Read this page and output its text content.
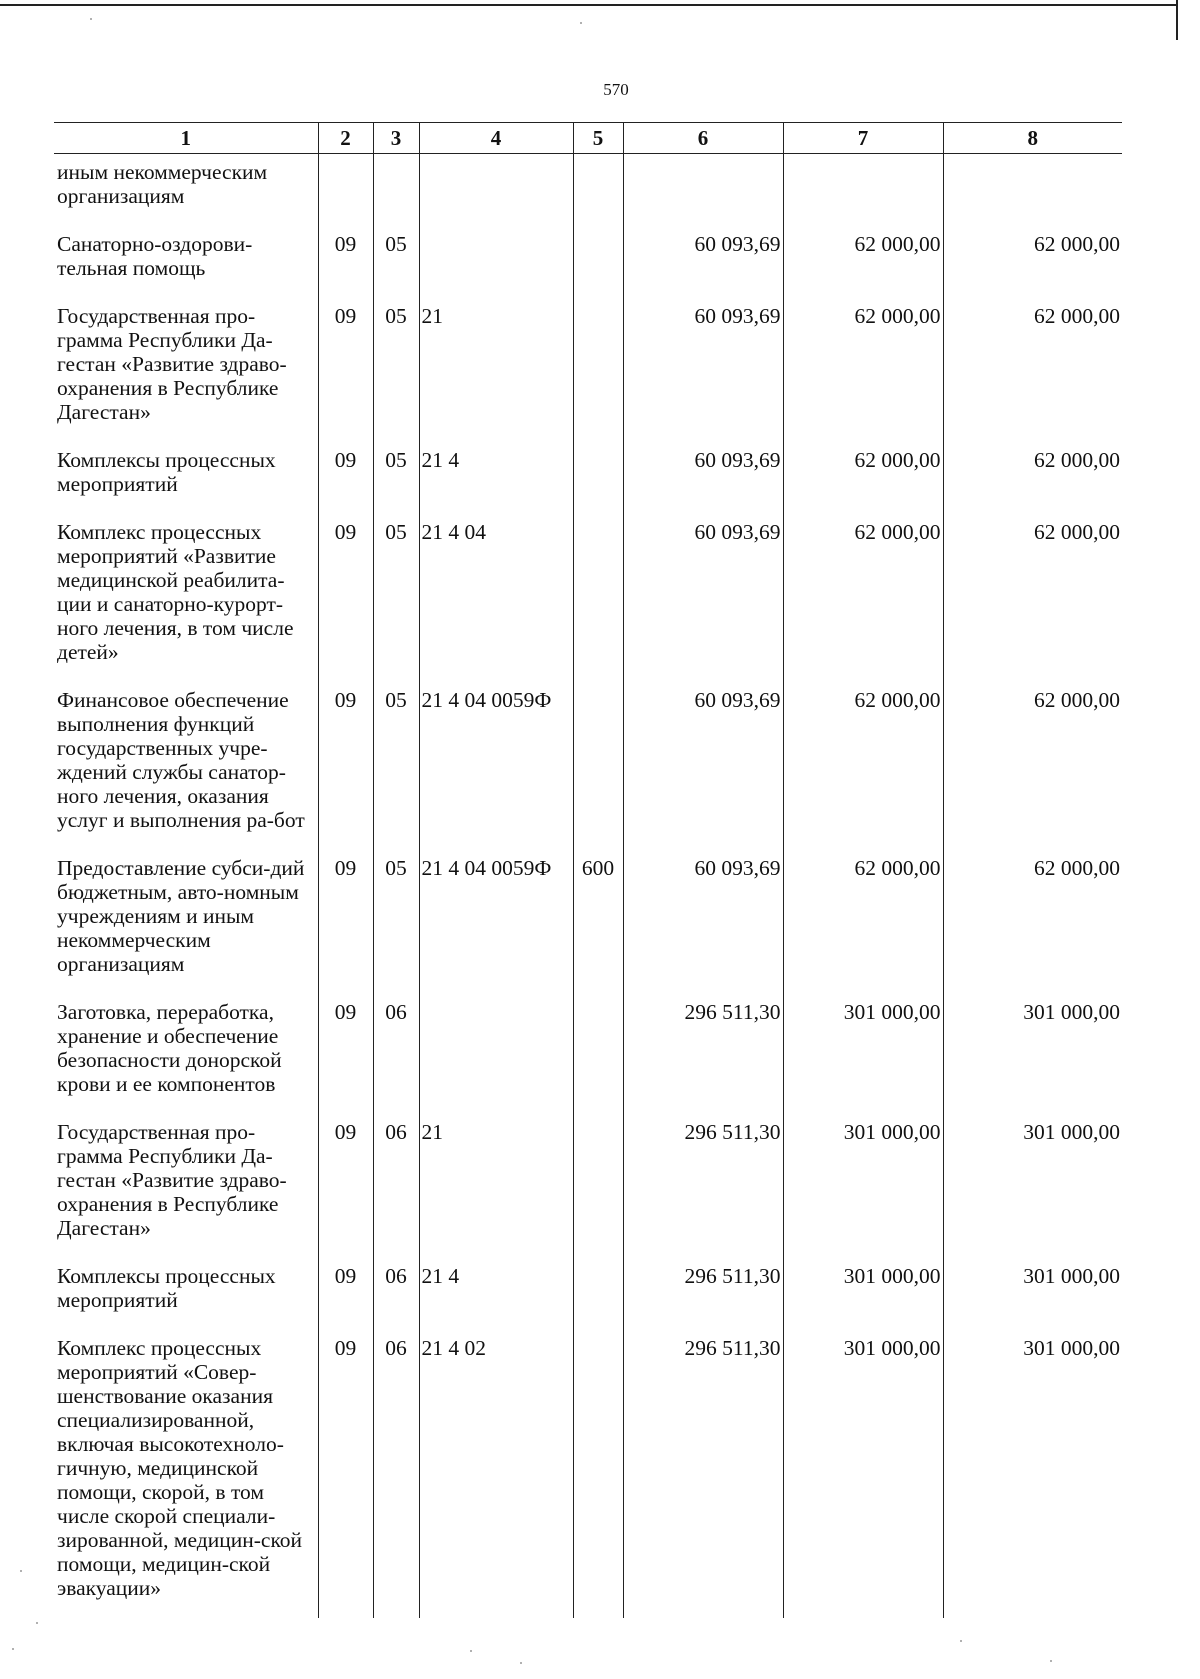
570
1	2	3	4	5	6	7	8
иным некоммерческим организациям							
Санаторно-оздорови-тельная помощь	09	05			60 093,69	62 000,00	62 000,00
Государственная про-грамма Республики Да-гестан «Развитие здраво-охранения в Республике Дагестан»	09	05	21		60 093,69	62 000,00	62 000,00
Комплексы процессных мероприятий	09	05	21 4		60 093,69	62 000,00	62 000,00
Комплекс процессных мероприятий «Развитие медицинской реабилита-ции и санаторно-курорт-ного лечения, в том числе детей»	09	05	21 4 04		60 093,69	62 000,00	62 000,00
Финансовое обеспечение выполнения функций государственных учре-ждений службы санатор-ного лечения, оказания услуг и выполнения ра-бот	09	05	21 4 04 0059Ф		60 093,69	62 000,00	62 000,00
Предоставление субси-дий бюджетным, авто-номным учреждениям и иным некоммерческим организациям	09	05	21 4 04 0059Ф	600	60 093,69	62 000,00	62 000,00
Заготовка, переработка, хранение и обеспечение безопасности донорской крови и ее компонентов	09	06			296 511,30	301 000,00	301 000,00
Государственная про-грамма Республики Да-гестан «Развитие здраво-охранения в Республике Дагестан»	09	06	21		296 511,30	301 000,00	301 000,00
Комплексы процессных мероприятий	09	06	21 4		296 511,30	301 000,00	301 000,00
Комплекс процессных мероприятий «Совер-шенствование оказания специализированной, включая высокотехноло-гичную, медицинской помощи, скорой, в том числе скорой специали-зированной, медицин-ской помощи, медицин-ской эвакуации»	09	06	21 4 02		296 511,30	301 000,00	301 000,00
